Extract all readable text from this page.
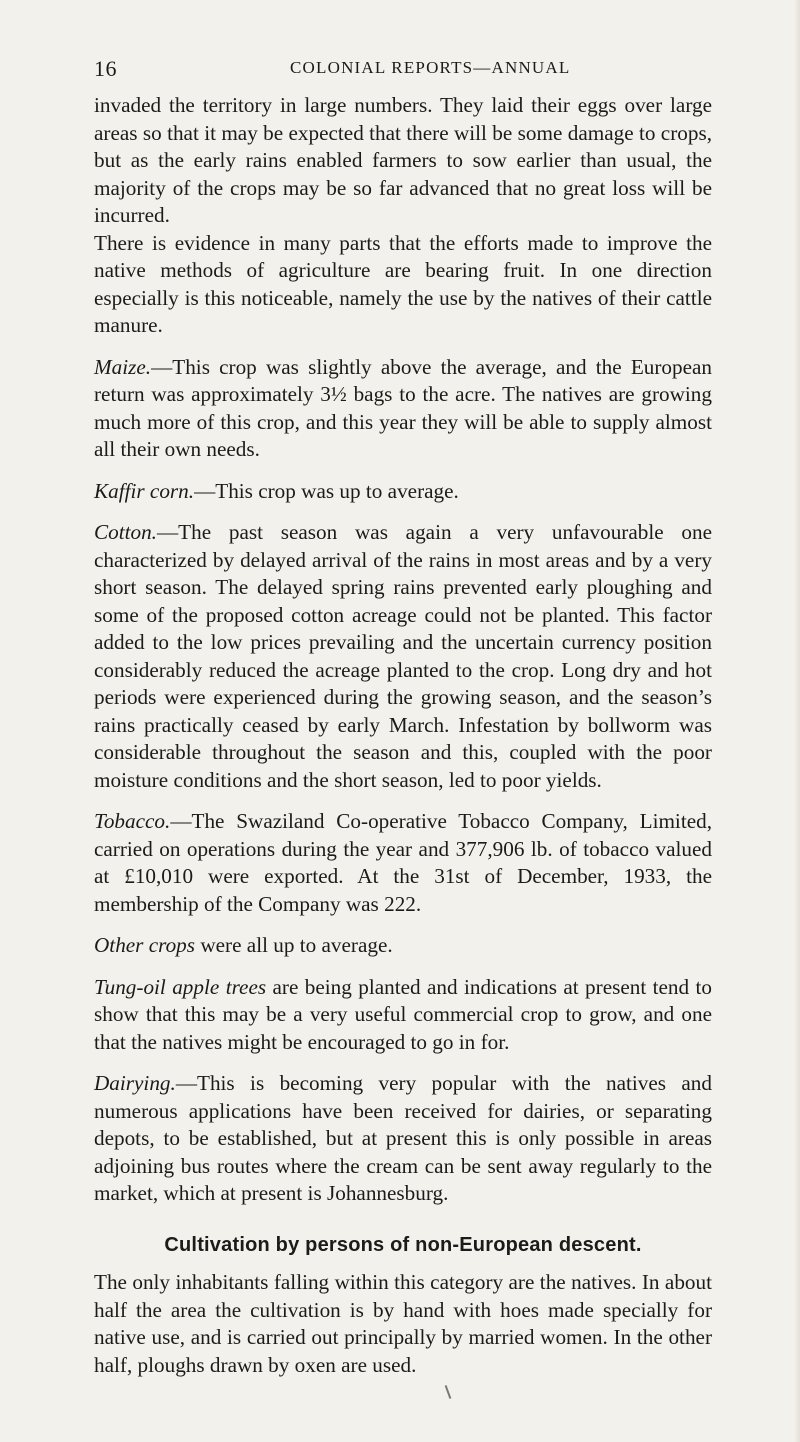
16	COLONIAL REPORTS—ANNUAL

invaded the territory in large numbers. They laid their eggs over large areas so that it may be expected that there will be some damage to crops, but as the early rains enabled farmers to sow earlier than usual, the majority of the crops may be so far advanced that no great loss will be incurred.

There is evidence in many parts that the efforts made to improve the native methods of agriculture are bearing fruit. In one direction especially is this noticeable, namely the use by the natives of their cattle manure.

Maize.—This crop was slightly above the average, and the European return was approximately 3½ bags to the acre. The natives are growing much more of this crop, and this year they will be able to supply almost all their own needs.

Kaffir corn.—This crop was up to average.

Cotton.—The past season was again a very unfavourable one characterized by delayed arrival of the rains in most areas and by a very short season. The delayed spring rains prevented early ploughing and some of the proposed cotton acreage could not be planted. This factor added to the low prices prevailing and the uncertain currency position considerably reduced the acreage planted to the crop. Long dry and hot periods were experienced during the growing season, and the season’s rains practically ceased by early March. Infestation by bollworm was considerable throughout the season and this, coupled with the poor moisture conditions and the short season, led to poor yields.

Tobacco.—The Swaziland Co-operative Tobacco Company, Limited, carried on operations during the year and 377,906 lb. of tobacco valued at £10,010 were exported. At the 31st of December, 1933, the membership of the Company was 222.

Other crops were all up to average.

Tung-oil apple trees are being planted and indications at present tend to show that this may be a very useful commercial crop to grow, and one that the natives might be encouraged to go in for.

Dairying.—This is becoming very popular with the natives and numerous applications have been received for dairies, or separating depots, to be established, but at present this is only possible in areas adjoining bus routes where the cream can be sent away regularly to the market, which at present is Johannesburg.

Cultivation by persons of non-European descent.

The only inhabitants falling within this category are the natives. In about half the area the cultivation is by hand with hoes made specially for native use, and is carried out principally by married women. In the other half, ploughs drawn by oxen are used.
